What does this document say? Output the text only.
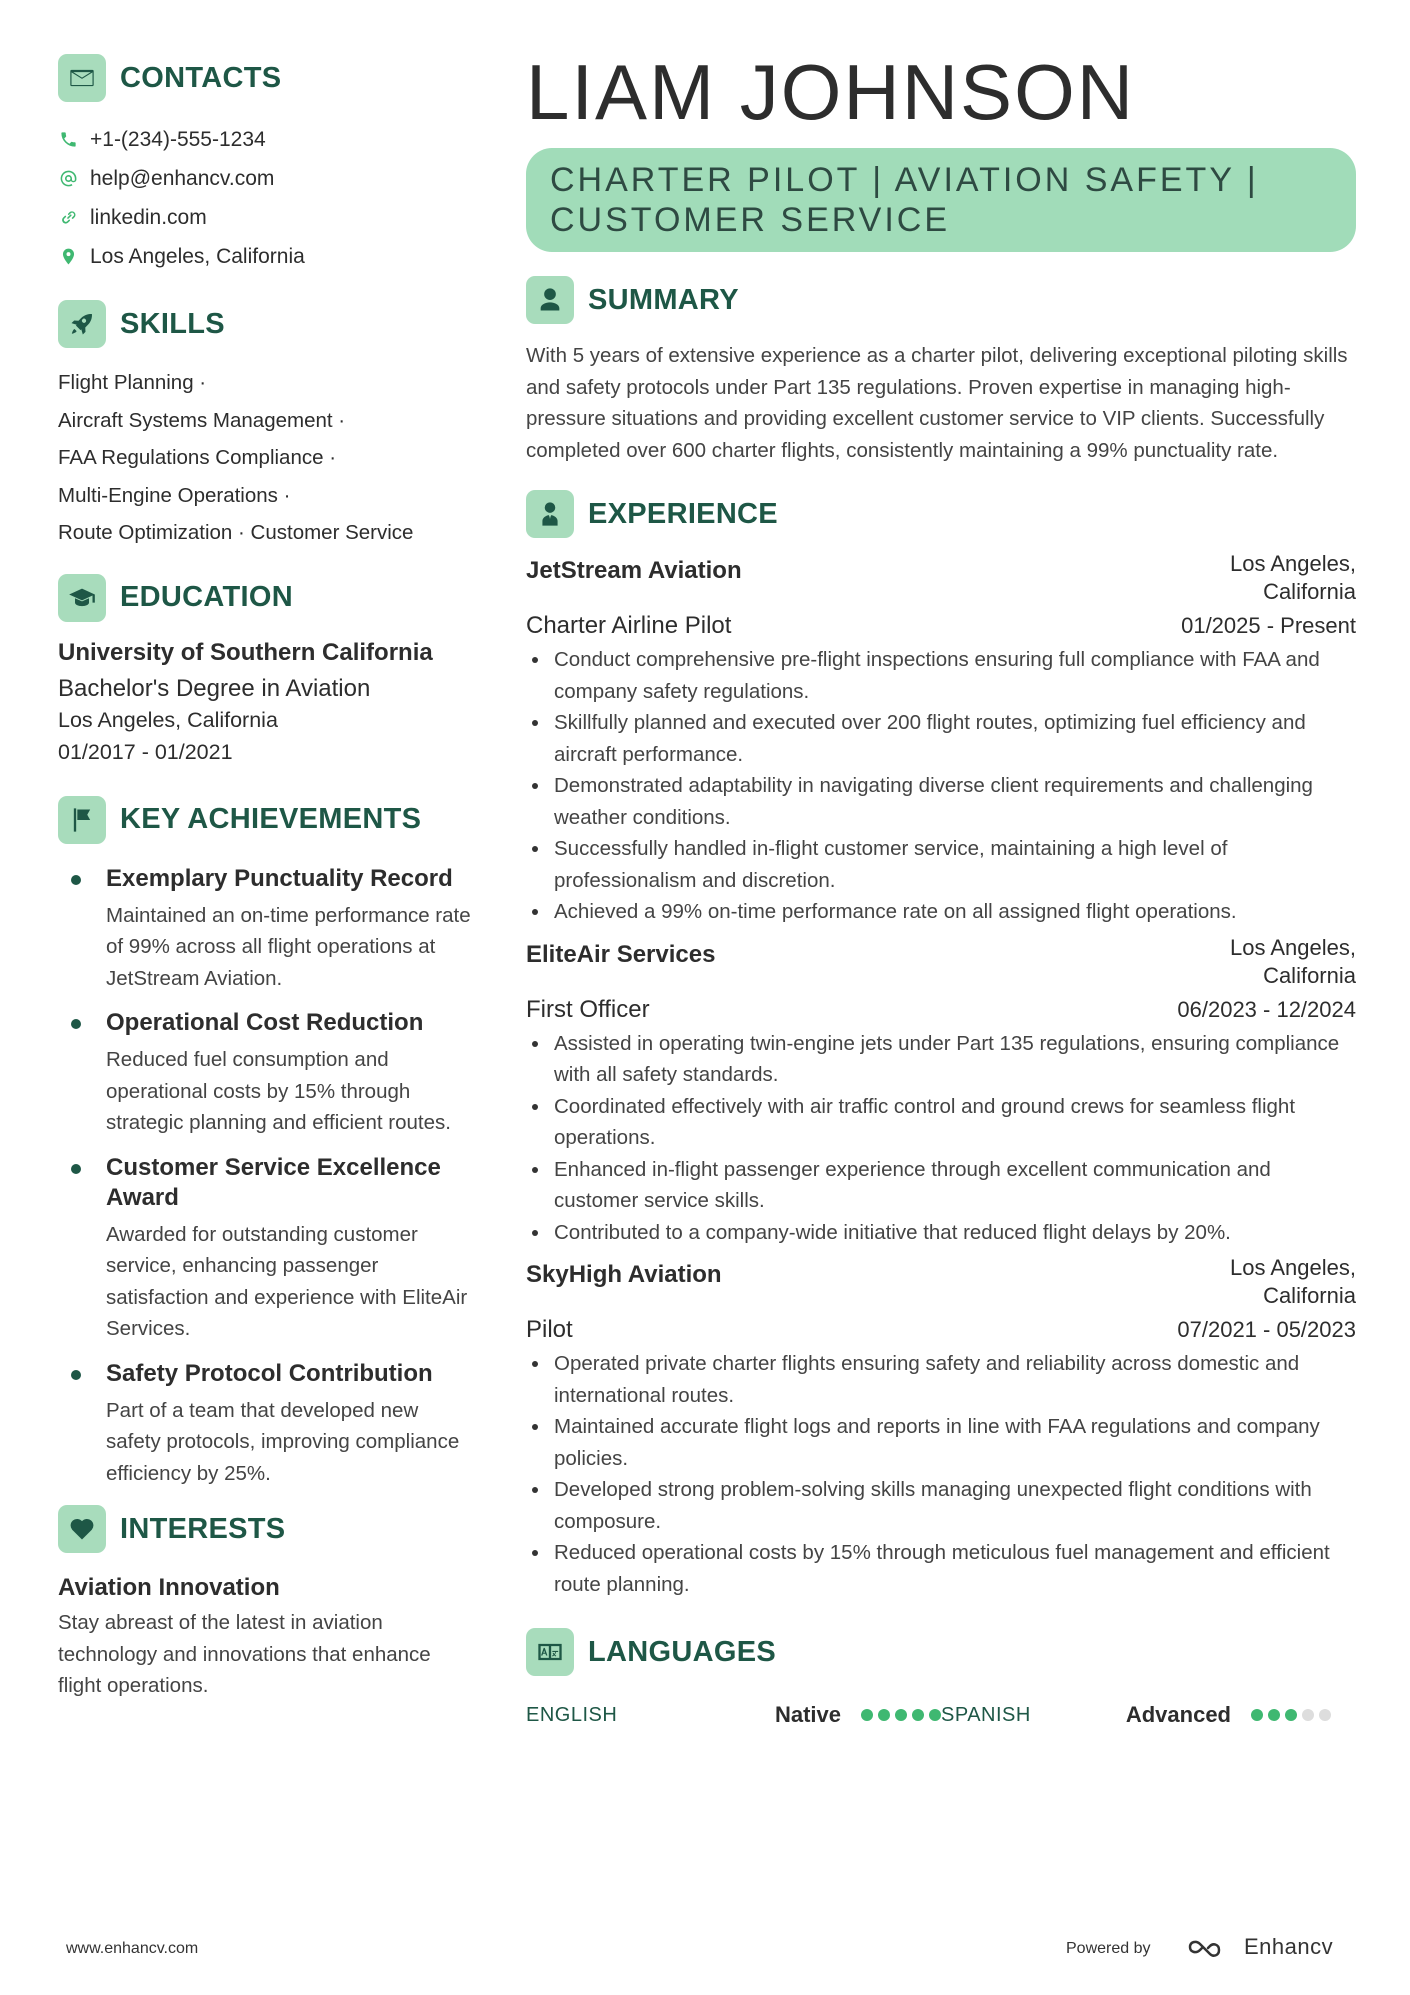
CONTACTS
+1-(234)-555-1234
help@enhancv.com
linkedin.com
Los Angeles, California
SKILLS
Flight Planning ·
Aircraft Systems Management ·
FAA Regulations Compliance ·
Multi-Engine Operations ·
Route Optimization · Customer Service
EDUCATION
University of Southern California
Bachelor's Degree in Aviation
Los Angeles, California
01/2017 - 01/2021
KEY ACHIEVEMENTS
Exemplary Punctuality Record
Maintained an on-time performance rate of 99% across all flight operations at JetStream Aviation.
Operational Cost Reduction
Reduced fuel consumption and operational costs by 15% through strategic planning and efficient routes.
Customer Service Excellence Award
Awarded for outstanding customer service, enhancing passenger satisfaction and experience with EliteAir Services.
Safety Protocol Contribution
Part of a team that developed new safety protocols, improving compliance efficiency by 25%.
INTERESTS
Aviation Innovation
Stay abreast of the latest in aviation technology and innovations that enhance flight operations.
LIAM JOHNSON
CHARTER PILOT | AVIATION SAFETY | CUSTOMER SERVICE
SUMMARY
With 5 years of extensive experience as a charter pilot, delivering exceptional piloting skills and safety protocols under Part 135 regulations. Proven expertise in managing high-pressure situations and providing excellent customer service to VIP clients. Successfully completed over 600 charter flights, consistently maintaining a 99% punctuality rate.
EXPERIENCE
JetStream Aviation	Los Angeles, California
Charter Airline Pilot	01/2025 - Present
Conduct comprehensive pre-flight inspections ensuring full compliance with FAA and company safety regulations.
Skillfully planned and executed over 200 flight routes, optimizing fuel efficiency and aircraft performance.
Demonstrated adaptability in navigating diverse client requirements and challenging weather conditions.
Successfully handled in-flight customer service, maintaining a high level of professionalism and discretion.
Achieved a 99% on-time performance rate on all assigned flight operations.
EliteAir Services	Los Angeles, California
First Officer	06/2023 - 12/2024
Assisted in operating twin-engine jets under Part 135 regulations, ensuring compliance with all safety standards.
Coordinated effectively with air traffic control and ground crews for seamless flight operations.
Enhanced in-flight passenger experience through excellent communication and customer service skills.
Contributed to a company-wide initiative that reduced flight delays by 20%.
SkyHigh Aviation	Los Angeles, California
Pilot	07/2021 - 05/2023
Operated private charter flights ensuring safety and reliability across domestic and international routes.
Maintained accurate flight logs and reports in line with FAA regulations and company policies.
Developed strong problem-solving skills managing unexpected flight conditions with composure.
Reduced operational costs by 15% through meticulous fuel management and efficient route planning.
LANGUAGES
ENGLISH	Native	SPANISH	Advanced
www.enhancv.com	Powered by	Enhancv
